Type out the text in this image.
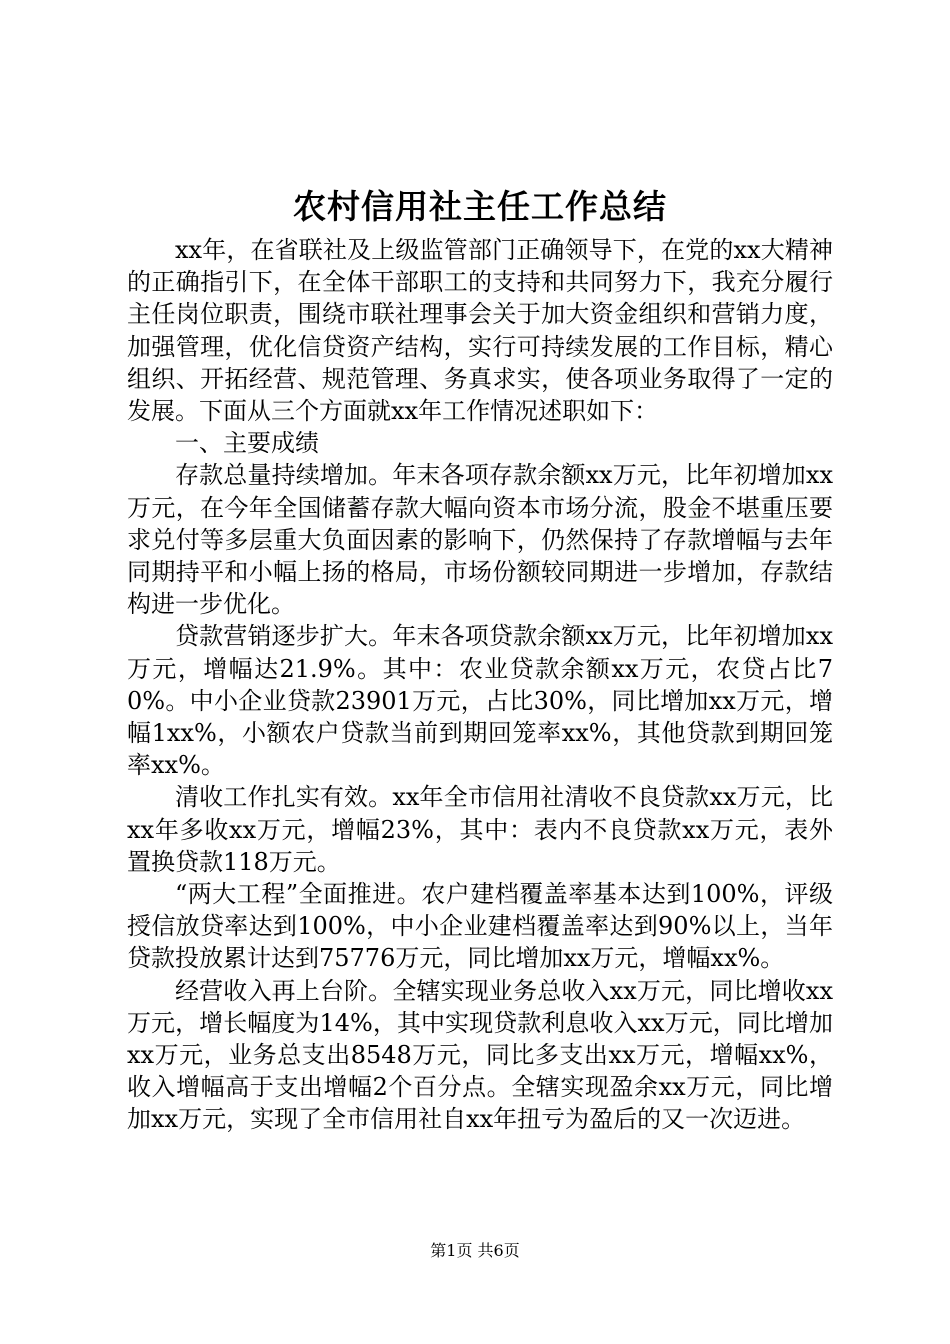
农村信用社主任工作总结

xx年，在省联社及上级监管部门正确领导下，在党的xx大精神的正确指引下，在全体干部职工的支持和共同努力下，我充分履行主任岗位职责，围绕市联社理事会关于加大资金组织和营销力度，加强管理，优化信贷资产结构，实行可持续发展的工作目标，精心组织、开拓经营、规范管理、务真求实，使各项业务取得了一定的发展。下面从三个方面就xx年工作情况述职如下：

一、主要成绩

存款总量持续增加。年末各项存款余额xx万元，比年初增加xx万元，在今年全国储蓄存款大幅向资本市场分流，股金不堪重压要求兑付等多层重大负面因素的影响下，仍然保持了存款增幅与去年同期持平和小幅上扬的格局，市场份额较同期进一步增加，存款结构进一步优化。

贷款营销逐步扩大。年末各项贷款余额xx万元，比年初增加xx万元，增幅达21.9%。其中：农业贷款余额xx万元，农贷占比70%。中小企业贷款23901万元，占比30%，同比增加xx万元，增幅1xx%，小额农户贷款当前到期回笼率xx%，其他贷款到期回笼率xx%。

清收工作扎实有效。xx年全市信用社清收不良贷款xx万元，比xx年多收xx万元，增幅23%，其中：表内不良贷款xx万元，表外置换贷款118万元。

“两大工程”全面推进。农户建档覆盖率基本达到100%，评级授信放贷率达到100%，中小企业建档覆盖率达到90%以上，当年贷款投放累计达到75776万元，同比增加xx万元，增幅xx%。

经营收入再上台阶。全辖实现业务总收入xx万元，同比增收xx万元，增长幅度为14%，其中实现贷款利息收入xx万元，同比增加xx万元，业务总支出8548万元，同比多支出xx万元，增幅xx%，收入增幅高于支出增幅2个百分点。全辖实现盈余xx万元，同比增加xx万元，实现了全市信用社自xx年扭亏为盈后的又一次迈进。

第1页 共6页
